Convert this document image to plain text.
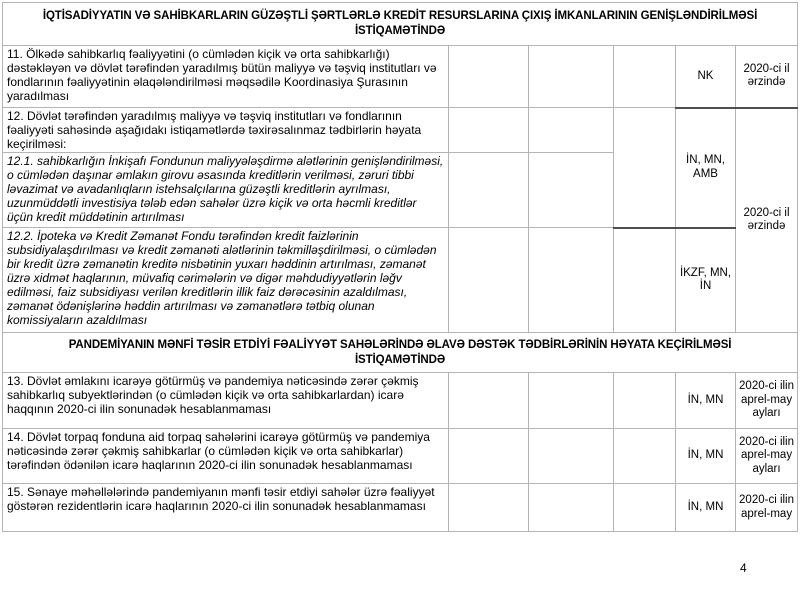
İQTİSADİYYATIN VƏ SAHİBKARLARIN GÜZƏŞTLİ ŞƏRTLƏRLƏ KREDİT RESURSLARINA ÇIXIŞ İMKANLARININ GENİŞLƏNDİRİLMƏSİ İSTİQAMƏTİNDƏ					
11. Ölkədə sahibkarlıq fəaliyyətini (o cümlədən kiçik və orta sahibkarlığı) dəstəkləyən və dövlət tərəfindən yaradılmış bütün maliyyə və təşviq institutları və fondlarının fəaliyyətinin əlaqələndirilməsi məqsədilə Koordinasiya Şurasının yaradılması				NK	2020-ci il ərzində
12. Dövlət tərəfindən yaradılmış maliyyə və təşviq institutları və fondlarının fəaliyyəti sahəsində aşağıdakı istiqamətlərdə təxirəsalınmaz tədbirlərin həyata keçirilməsi:				İN, MN, AMB	2020-ci il ərzində
12.1. sahibkarlığın İnkişafı Fondunun maliyyələşdirmə alətlərinin genişləndirilməsi, o cümlədən daşınar əmlakın girovu əsasında kreditlərin verilməsi, zəruri tibbi ləvazimat və avadanlıqların istehsalçılarına güzəştli kreditlərin ayrılması, uzunmüddətli investisiya tələb edən sahələr üzrə kiçik və orta həcmli kreditlər üçün kredit müddətinin artırılması					
12.2. İpoteka və Kredit Zəmanət Fondu tərəfindən kredit faizlərinin subsidiyalaşdırılması və kredit zəmanəti alətlərinin təkmilləşdirilməsi, o cümlədən bir kredit üzrə zəmanətin kreditə nisbətinin yuxarı həddinin artırılması, zəmanət üzrə xidmət haqlarının, müvafiq cərimələrin və digər məhdudiyyətlərin ləğv edilməsi, faiz subsidiyası verilən kreditlərin illik faiz dərəcəsinin azaldılması, zəmanət ödənişlərinə həddin artırılması və zəmanətlərə tətbiq olunan komissiyaların azaldılması				İKZF, MN, İN	
PANDEMİYANIN MƏNFİ TƏSİR ETDİYİ FƏALİYYƏT SAHƏLƏRİNDƏ ƏLAVƏ DƏSTƏK TƏDBİRLƏRİNİN HƏYATA KEÇİRİLMƏSİ İSTİQAMƏTİNDƏ					
13. Dövlət əmlakını icarəyə götürmüş və pandemiya nəticəsində zərər çəkmiş sahibkarlıq subyektlərindən (o cümlədən kiçik və orta sahibkarlardan) icarə haqqının 2020-ci ilin sonunadək hesablanmaması				İN, MN	2020-ci ilin aprel-may ayları
14. Dövlət torpaq fonduna aid torpaq sahələrini icarəyə götürmüş və pandemiya nəticəsində zərər çəkmiş sahibkarlar (o cümlədən kiçik və orta sahibkarlar) tərəfindən ödənilən icarə haqlarının 2020-ci ilin sonunadək hesablanmaması				İN, MN	2020-ci ilin aprel-may ayları
15. Sənaye məhəllələrində pandemiyanın mənfi təsir etdiyi sahələr üzrə fəaliyyət göstərən rezidentlərin icarə haqlarının 2020-ci ilin sonunadək hesablanmaması				İN, MN	2020-ci ilin aprel-may
4
